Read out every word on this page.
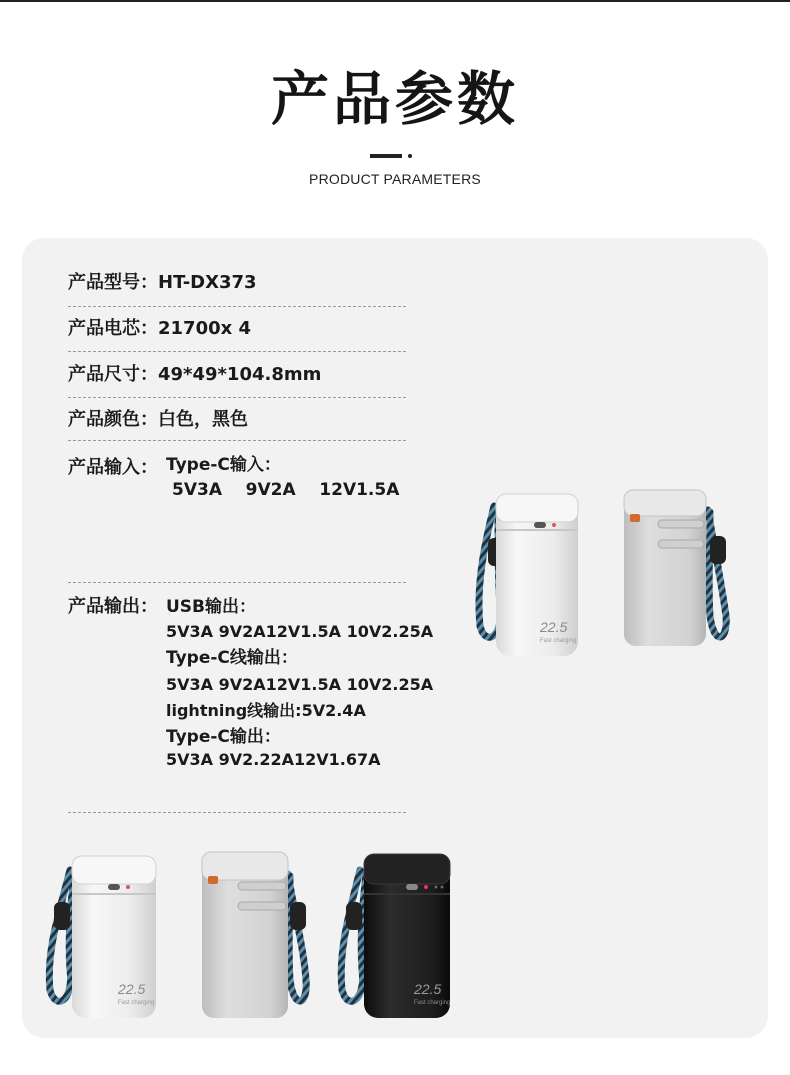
产品参数
PRODUCT PARAMETERS
产品型号：HT-DX373
产品电芯：21700x 4
产品尺寸：49*49*104.8mm
产品颜色：白色，黑色
产品输入： Type-C输入：
5V3A    9V2A    12V1.5A
产品输出： USB输出：
5V3A 9V2A12V1.5A 10V2.25A
Type-C线输出：
5V3A 9V2A12V1.5A 10V2.25A
lightning线输出:5V2.4A
Type-C输出：
5V3A 9V2.22A12V1.67A
22.5
Fast charging
22.5
Fast charging
22.5
Fast charging
